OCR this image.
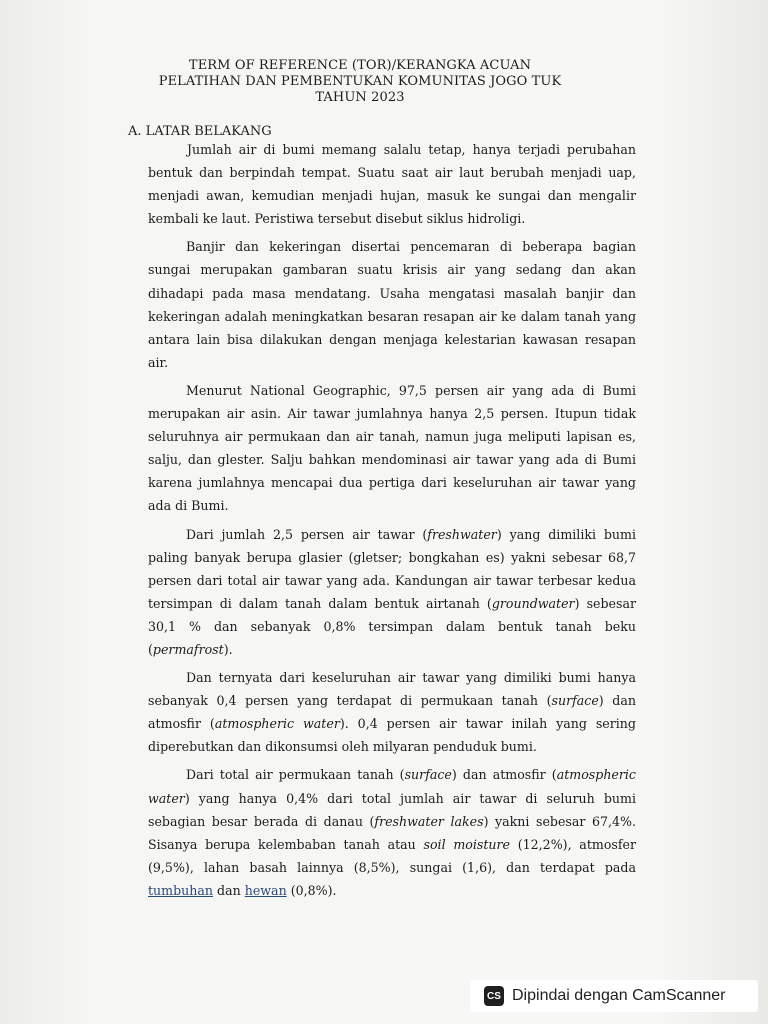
TERM OF REFERENCE (TOR)/KERANGKA ACUAN
PELATIHAN DAN PEMBENTUKAN KOMUNITAS JOGO TUK
TAHUN 2023
A. LATAR BELAKANG

Jumlah air di bumi memang salalu tetap, hanya terjadi perubahan bentuk dan berpindah tempat. Suatu saat air laut berubah menjadi uap, menjadi awan, kemudian menjadi hujan, masuk ke sungai dan mengalir kembali ke laut. Peristiwa tersebut disebut siklus hidroligi.

Banjir dan kekeringan disertai pencemaran di beberapa bagian sungai merupakan gambaran suatu krisis air yang sedang dan akan dihadapi pada masa mendatang. Usaha mengatasi masalah banjir dan kekeringan adalah meningkatkan besaran resapan air ke dalam tanah yang antara lain bisa dilakukan dengan menjaga kelestarian kawasan resapan air.

Menurut National Geographic, 97,5 persen air yang ada di Bumi merupakan air asin. Air tawar jumlahnya hanya 2,5 persen. Itupun tidak seluruhnya air permukaan dan air tanah, namun juga meliputi lapisan es, salju, dan glester. Salju bahkan mendominasi air tawar yang ada di Bumi karena jumlahnya mencapai dua pertiga dari keseluruhan air tawar yang ada di Bumi.

Dari jumlah 2,5 persen air tawar (freshwater) yang dimiliki bumi paling banyak berupa glasier (gletser; bongkahan es) yakni sebesar 68,7 persen dari total air tawar yang ada. Kandungan air tawar terbesar kedua tersimpan di dalam tanah dalam bentuk airtanah (groundwater) sebesar 30,1 % dan sebanyak 0,8% tersimpan dalam bentuk tanah beku (permafrost).

Dan ternyata dari keseluruhan air tawar yang dimiliki bumi hanya sebanyak 0,4 persen yang terdapat di permukaan tanah (surface) dan atmosfir (atmospheric water). 0,4 persen air tawar inilah yang sering diperebutkan dan dikonsumsi oleh milyaran penduduk bumi.

Dari total air permukaan tanah (surface) dan atmosfir (atmospheric water) yang hanya 0,4% dari total jumlah air tawar di seluruh bumi sebagian besar berada di danau (freshwater lakes) yakni sebesar 67,4%. Sisanya berupa kelembaban tanah atau soil moisture (12,2%), atmosfer (9,5%), lahan basah lainnya (8,5%), sungai (1,6), dan terdapat pada tumbuhan dan hewan (0,8%).

CS Dipindai dengan CamScanner
